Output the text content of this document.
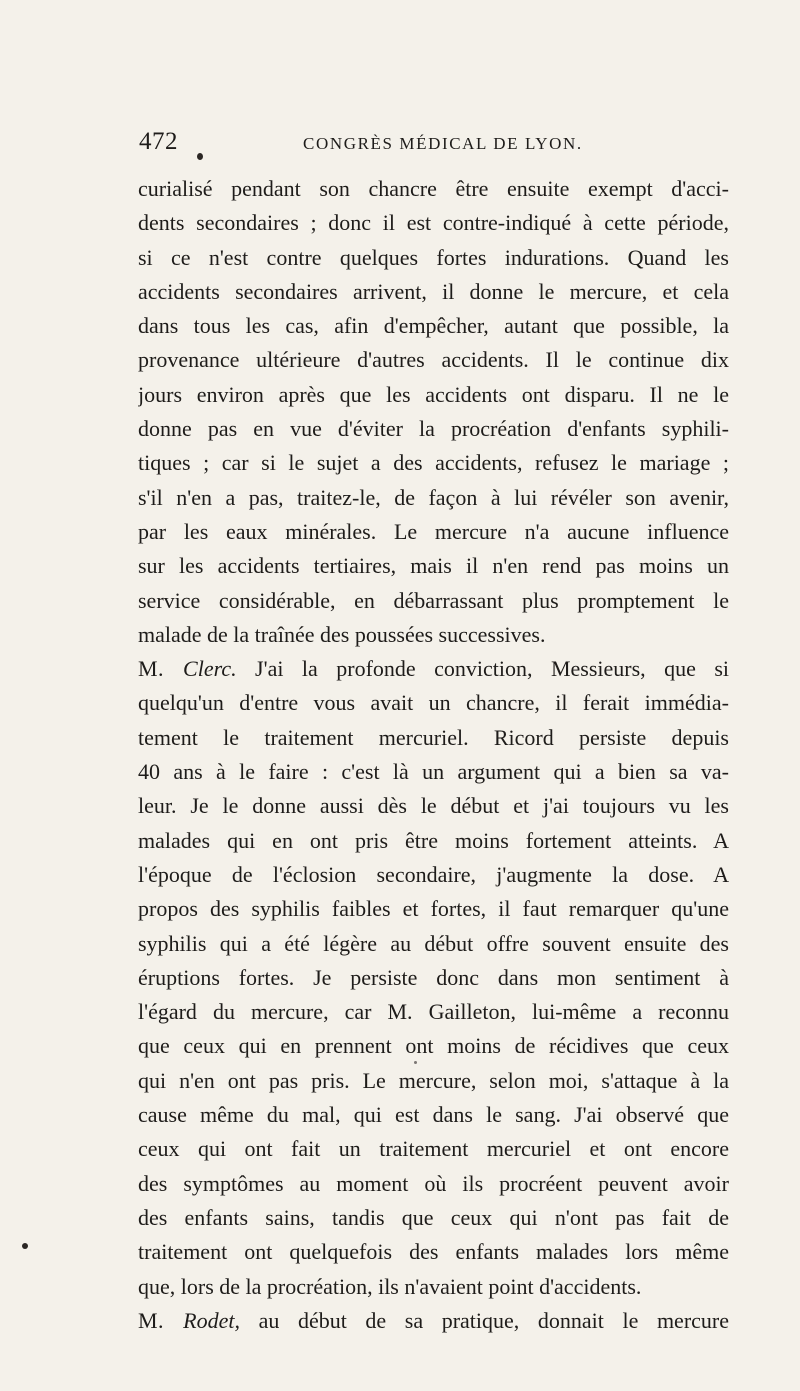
472	CONGRÈS MÉDICAL DE LYON.
curialisé pendant son chancre être ensuite exempt d'acci-
dents secondaires ; donc il est contre-indiqué à cette période,
si ce n'est contre quelques fortes indurations. Quand les
accidents secondaires arrivent, il donne le mercure, et cela
dans tous les cas, afin d'empêcher, autant que possible, la
provenance ultérieure d'autres accidents. Il le continue dix
jours environ après que les accidents ont disparu. Il ne le
donne pas en vue d'éviter la procréation d'enfants syphili-
tiques ; car si le sujet a des accidents, refusez le mariage ;
s'il n'en a pas, traitez-le, de façon à lui révéler son avenir,
par les eaux minérales. Le mercure n'a aucune influence
sur les accidents tertiaires, mais il n'en rend pas moins un
service considérable, en débarrassant plus promptement le
malade de la traînée des poussées successives.
M. Clerc. J'ai la profonde conviction, Messieurs, que si
quelqu'un d'entre vous avait un chancre, il ferait immédia-
tement le traitement mercuriel. Ricord persiste depuis
40 ans à le faire : c'est là un argument qui a bien sa va-
leur. Je le donne aussi dès le début et j'ai toujours vu les
malades qui en ont pris être moins fortement atteints. A
l'époque de l'éclosion secondaire, j'augmente la dose. A
propos des syphilis faibles et fortes, il faut remarquer qu'une
syphilis qui a été légère au début offre souvent ensuite des
éruptions fortes. Je persiste donc dans mon sentiment à
l'égard du mercure, car M. Gailleton, lui-même a reconnu
que ceux qui en prennent ont moins de récidives que ceux
qui n'en ont pas pris. Le mercure, selon moi, s'attaque à la
cause même du mal, qui est dans le sang. J'ai observé que
ceux qui ont fait un traitement mercuriel et ont encore
des symptômes au moment où ils procréent peuvent avoir
des enfants sains, tandis que ceux qui n'ont pas fait de
traitement ont quelquefois des enfants malades lors même
que, lors de la procréation, ils n'avaient point d'accidents.
M. Rodet, au début de sa pratique, donnait le mercure
